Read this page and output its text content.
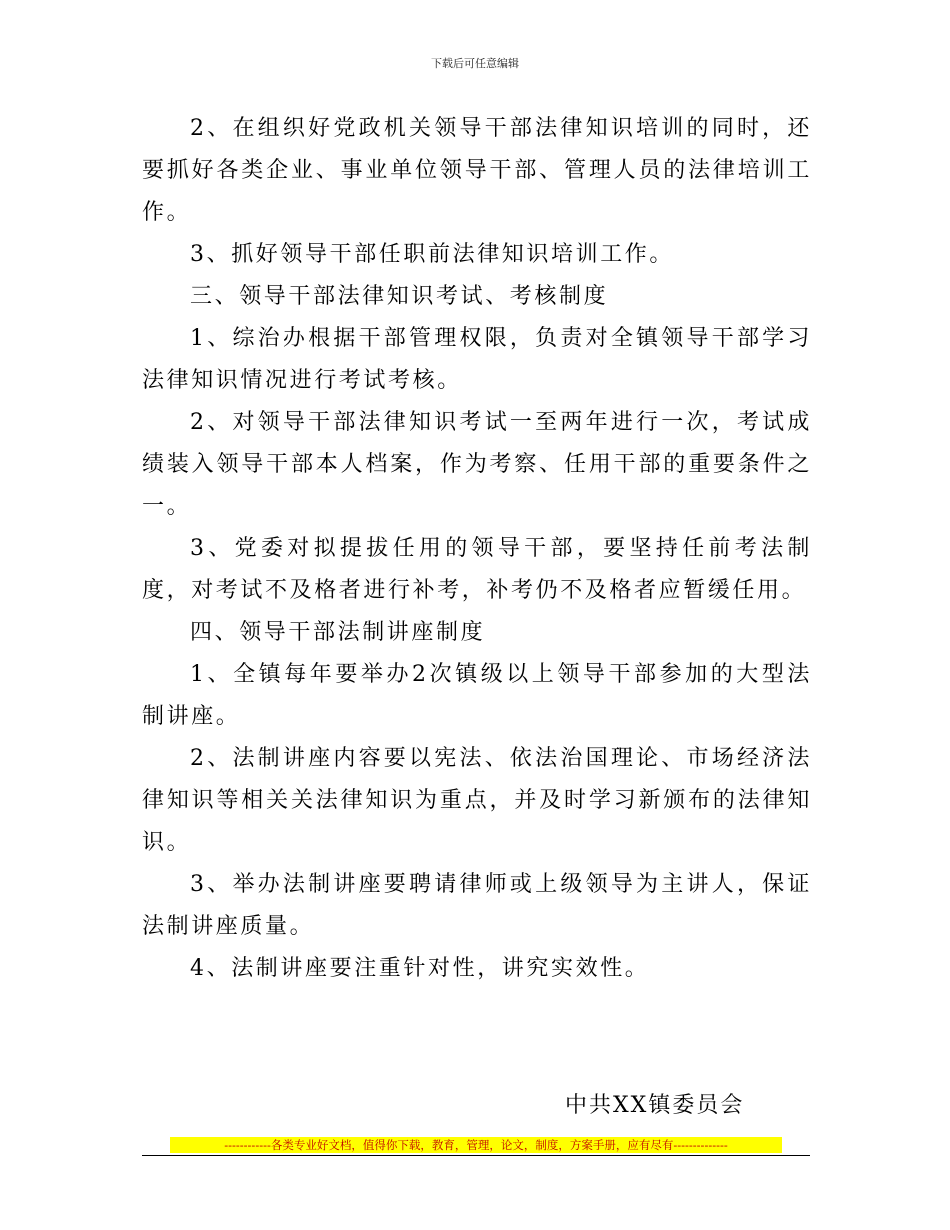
下载后可任意编辑

2、在组织好党政机关领导干部法律知识培训的同时，还要抓好各类企业、事业单位领导干部、管理人员的法律培训工作。

3、抓好领导干部任职前法律知识培训工作。

三、领导干部法律知识考试、考核制度

1、综治办根据干部管理权限，负责对全镇领导干部学习法律知识情况进行考试考核。

2、对领导干部法律知识考试一至两年进行一次，考试成绩装入领导干部本人档案，作为考察、任用干部的重要条件之一。

3、党委对拟提拔任用的领导干部，要坚持任前考法制度，对考试不及格者进行补考，补考仍不及格者应暂缓任用。

四、领导干部法制讲座制度

1、全镇每年要举办2次镇级以上领导干部参加的大型法制讲座。

2、法制讲座内容要以宪法、依法治国理论、市场经济法律知识等相关关法律知识为重点，并及时学习新颁布的法律知识。

3、举办法制讲座要聘请律师或上级领导为主讲人，保证法制讲座质量。

4、法制讲座要注重针对性，讲究实效性。

中共XX镇委员会
------------各类专业好文档，值得你下载，教育，管理，论文，制度，方案手册，应有尽有--------------
